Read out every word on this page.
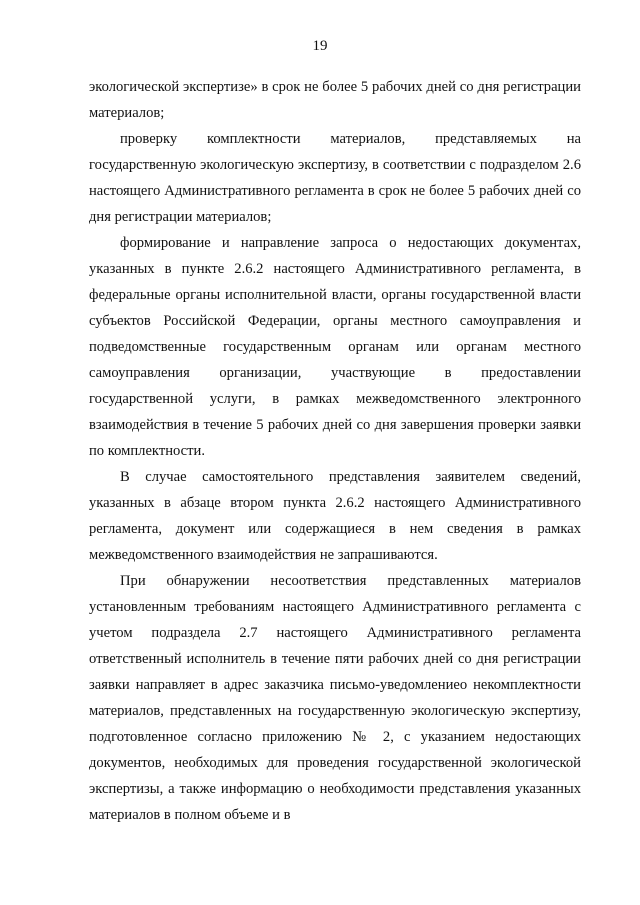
19

экологической экспертизе» в срок не более 5 рабочих дней со дня регистрации материалов;

проверку комплектности материалов, представляемых на государственную экологическую экспертизу, в соответствии с подразделом 2.6 настоящего Административного регламента в срок не более 5 рабочих дней со дня регистрации материалов;

формирование и направление запроса о недостающих документах, указанных в пункте 2.6.2 настоящего Административного регламента, в федеральные органы исполнительной власти, органы государственной власти субъектов Российской Федерации, органы местного самоуправления и подведомственные государственным органам или органам местного самоуправления организации, участвующие в предоставлении государственной услуги, в рамках межведомственного электронного взаимодействия в течение 5 рабочих дней со дня завершения проверки заявки по комплектности.

В случае самостоятельного представления заявителем сведений, указанных в абзаце втором пункта 2.6.2 настоящего Административного регламента, документ или содержащиеся в нем сведения в рамках межведомственного взаимодействия не запрашиваются.

При обнаружении несоответствия представленных материалов установленным требованиям настоящего Административного регламента с учетом подраздела 2.7 настоящего Административного регламента ответственный исполнитель в течение пяти рабочих дней со дня регистрации заявки направляет в адрес заказчика письмо-уведомлениео некомплектности материалов, представленных на государственную экологическую экспертизу, подготовленное согласно приложению № 2, с указанием недостающих документов, необходимых для проведения государственной экологической экспертизы, а также информацию о необходимости представления указанных материалов в полном объеме и в
